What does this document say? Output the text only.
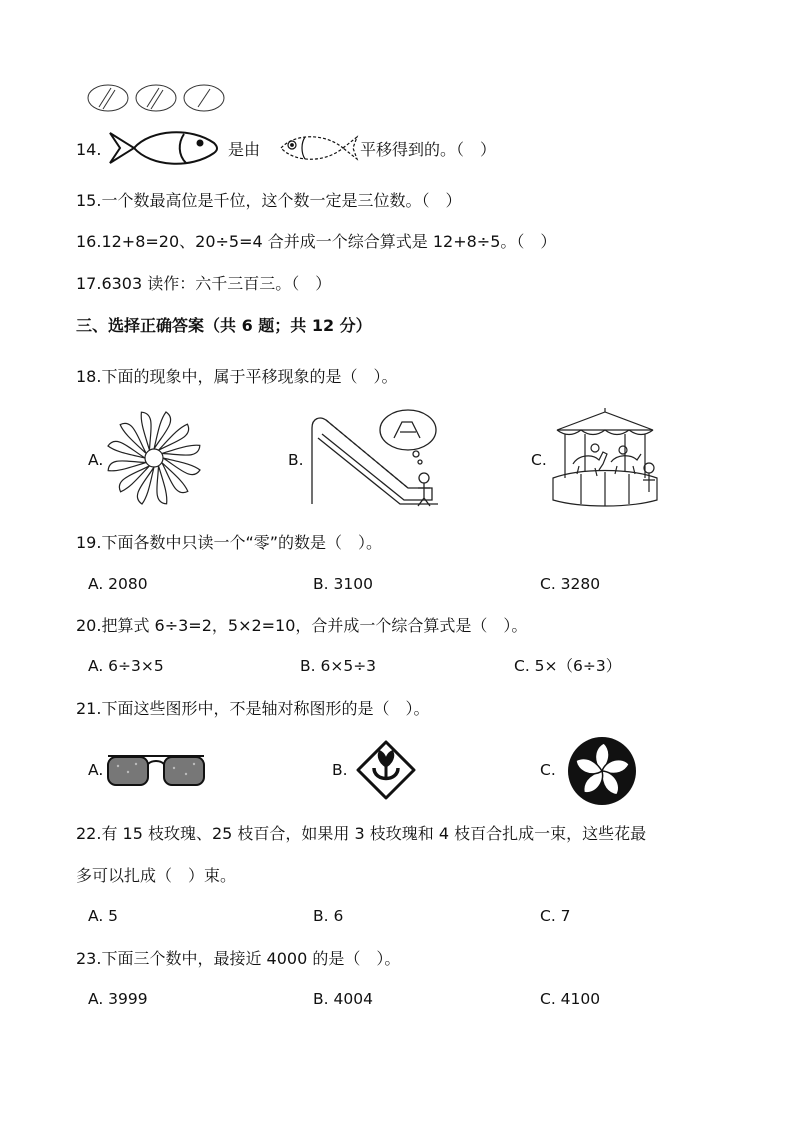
14.	是由	平移得到的。（　）
15.一个数最高位是千位，这个数一定是三位数。（　）
16.12+8=20、20÷5=4 合并成一个综合算式是 12+8÷5。（　）
17.6303 读作：六千三百三。（　）
三、选择正确答案（共 6 题；共 12 分）
18.下面的现象中，属于平移现象的是（　）。
A.	B.	C.
19.下面各数中只读一个“零”的数是（　）。
A. 2080	B. 3100	C. 3280
20.把算式 6÷3=2，5×2=10，合并成一个综合算式是（　）。
A. 6÷3×5	B. 6×5÷3	C. 5×（6÷3）
21.下面这些图形中，不是轴对称图形的是（　）。
A.	B.	C.
22.有 15 枝玫瑰、25 枝百合，如果用 3 枝玫瑰和 4 枝百合扎成一束，这些花最
多可以扎成（　）束。
A. 5	B. 6	C. 7
23.下面三个数中，最接近 4000 的是（　）。
A. 3999	B. 4004	C. 4100
